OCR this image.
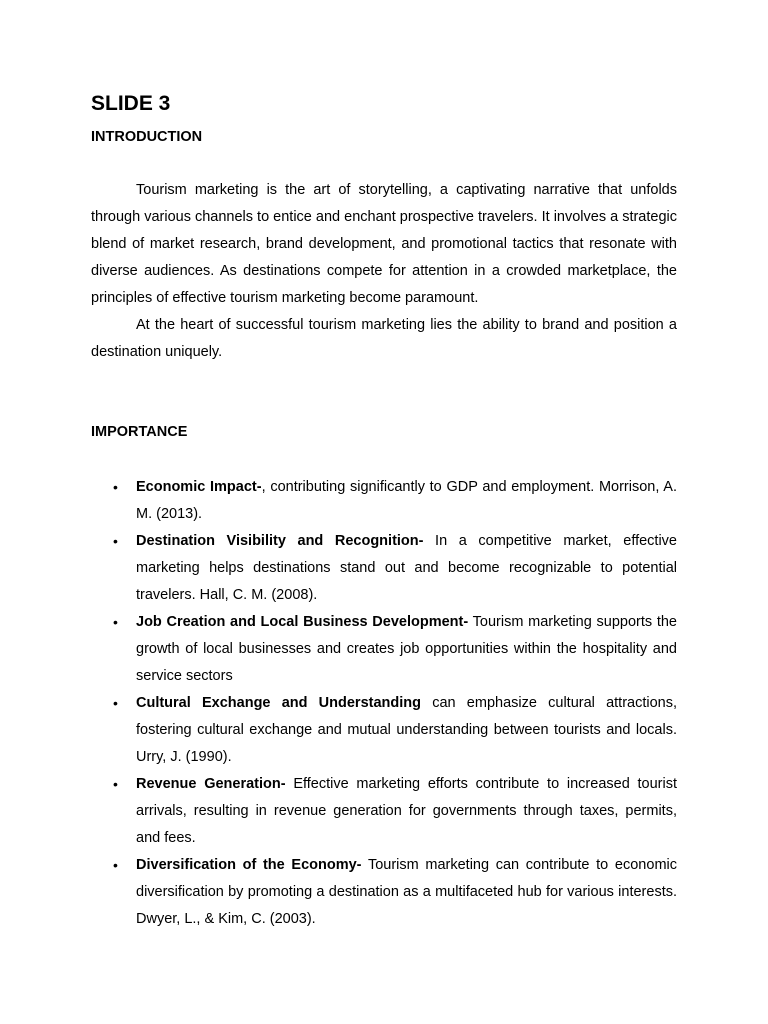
SLIDE 3
INTRODUCTION

Tourism marketing is the art of storytelling, a captivating narrative that unfolds through various channels to entice and enchant prospective travelers. It involves a strategic blend of market research, brand development, and promotional tactics that resonate with diverse audiences. As destinations compete for attention in a crowded marketplace, the principles of effective tourism marketing become paramount.

At the heart of successful tourism marketing lies the ability to brand and position a destination uniquely.

IMPORTANCE
• Economic Impact-, contributing significantly to GDP and employment. Morrison, A. M. (2013).
• Destination Visibility and Recognition- In a competitive market, effective marketing helps destinations stand out and become recognizable to potential travelers. Hall, C. M. (2008).
• Job Creation and Local Business Development- Tourism marketing supports the growth of local businesses and creates job opportunities within the hospitality and service sectors
• Cultural Exchange and Understanding can emphasize cultural attractions, fostering cultural exchange and mutual understanding between tourists and locals. Urry, J. (1990).
• Revenue Generation- Effective marketing efforts contribute to increased tourist arrivals, resulting in revenue generation for governments through taxes, permits, and fees.
• Diversification of the Economy- Tourism marketing can contribute to economic diversification by promoting a destination as a multifaceted hub for various interests. Dwyer, L., & Kim, C. (2003).
